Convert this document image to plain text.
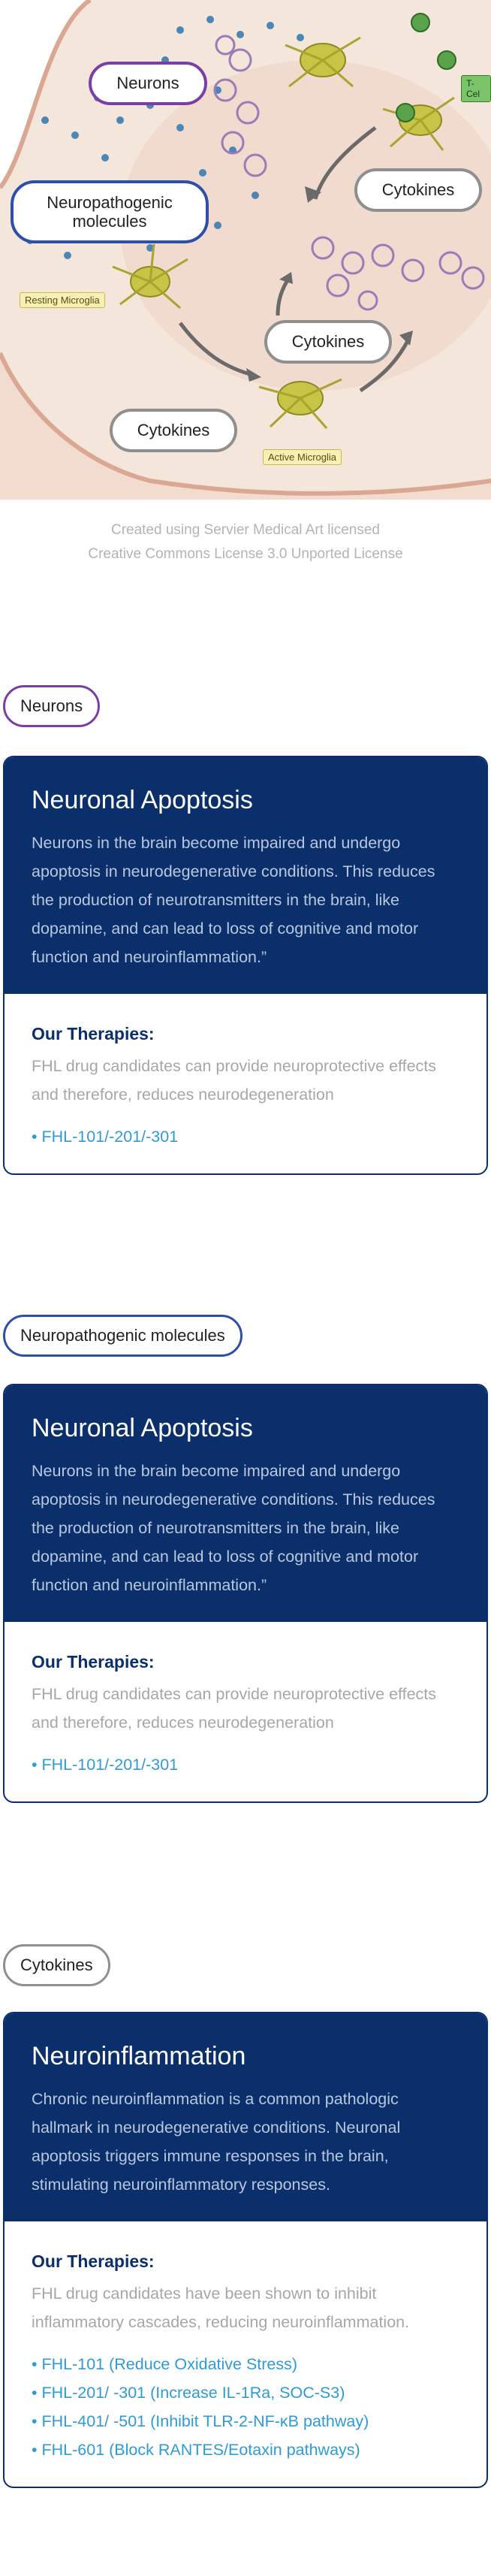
Neurons
Neuropathogenic molecules
Cytokines
Cytokines
Cytokines
Resting Microglia
Active Microglia
T-Cel
Created using Servier Medical Art licensed
Creative Commons License 3.0 Unported License
Neurons
Neuronal Apoptosis
Neurons in the brain become impaired and undergo apoptosis in neurodegenerative conditions. This reduces the production of neurotransmitters in the brain, like dopamine, and can lead to loss of cognitive and motor function and neuroinflammation.”
Our Therapies:
FHL drug candidates can provide neuroprotective effects and therefore, reduces neurodegeneration
• FHL-101/-201/-301
Neuropathogenic molecules
Neuronal Apoptosis
Neurons in the brain become impaired and undergo apoptosis in neurodegenerative conditions. This reduces the production of neurotransmitters in the brain, like dopamine, and can lead to loss of cognitive and motor function and neuroinflammation.”
Our Therapies:
FHL drug candidates can provide neuroprotective effects and therefore, reduces neurodegeneration
• FHL-101/-201/-301
Cytokines
Neuroinflammation
Chronic neuroinflammation is a common pathologic hallmark in neurodegenerative conditions. Neuronal apoptosis triggers immune responses in the brain, stimulating neuroinflammatory responses.
Our Therapies:
FHL drug candidates have been shown to inhibit inflammatory cascades, reducing neuroinflammation.
• FHL-101 (Reduce Oxidative Stress)
• FHL-201/ -301 (Increase IL-1Ra, SOC-S3)
• FHL-401/ -501 (Inhibit TLR-2-NF-κB pathway)
• FHL-601 (Block RANTES/Eotaxin pathways)
